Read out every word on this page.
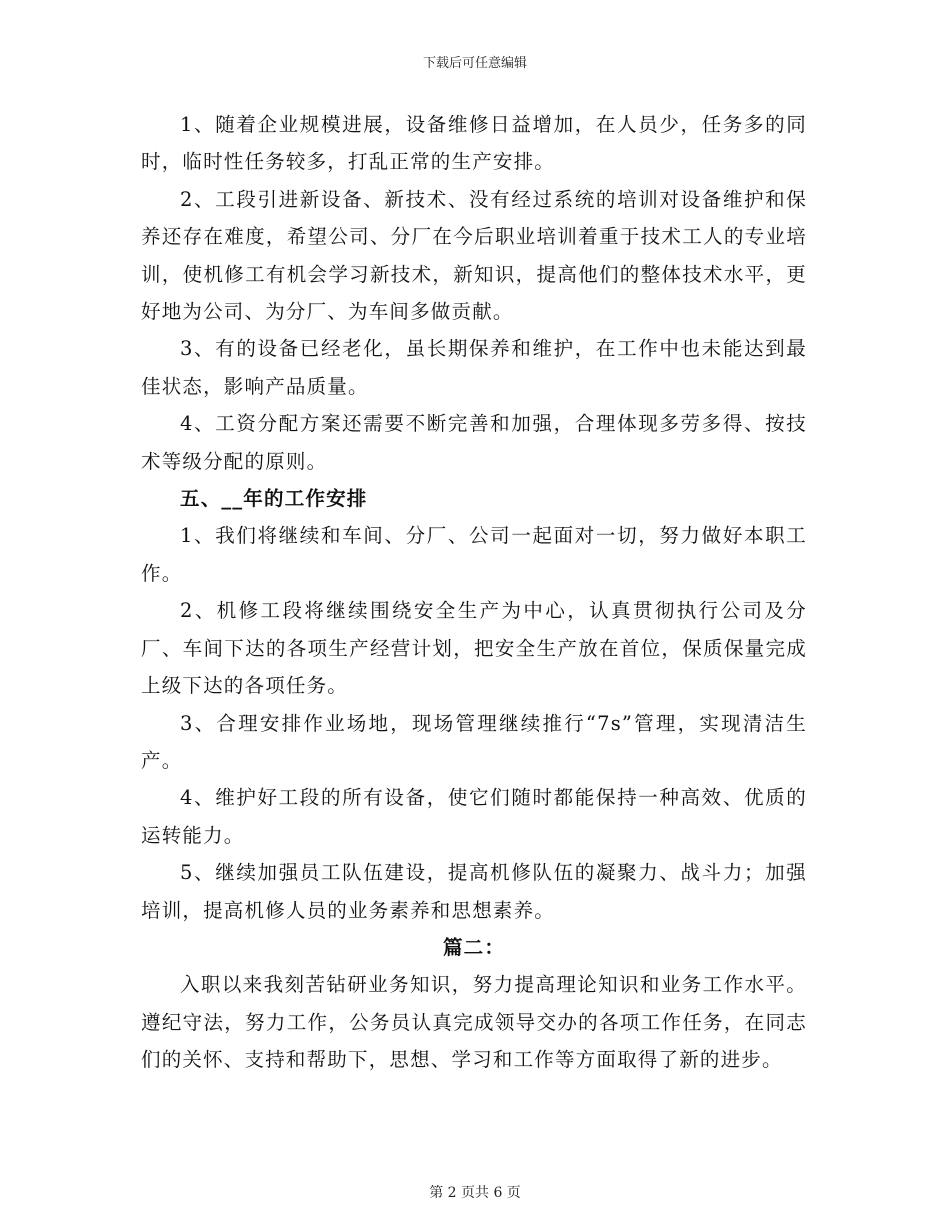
下载后可任意编辑

1、随着企业规模进展，设备维修日益增加，在人员少，任务多的同时，临时性任务较多，打乱正常的生产安排。

2、工段引进新设备、新技术、没有经过系统的培训对设备维护和保养还存在难度，希望公司、分厂在今后职业培训着重于技术工人的专业培训，使机修工有机会学习新技术，新知识，提高他们的整体技术水平，更好地为公司、为分厂、为车间多做贡献。

3、有的设备已经老化，虽长期保养和维护，在工作中也未能达到最佳状态，影响产品质量。

4、工资分配方案还需要不断完善和加强，合理体现多劳多得、按技术等级分配的原则。

五、__年的工作安排

1、我们将继续和车间、分厂、公司一起面对一切，努力做好本职工作。

2、机修工段将继续围绕安全生产为中心，认真贯彻执行公司及分厂、车间下达的各项生产经营计划，把安全生产放在首位，保质保量完成上级下达的各项任务。

3、合理安排作业场地，现场管理继续推行“7s”管理，实现清洁生产。

4、维护好工段的所有设备，使它们随时都能保持一种高效、优质的运转能力。

5、继续加强员工队伍建设，提高机修队伍的凝聚力、战斗力；加强培训，提高机修人员的业务素养和思想素养。

篇二：

入职以来我刻苦钻研业务知识，努力提高理论知识和业务工作水平。遵纪守法，努力工作，公务员认真完成领导交办的各项工作任务，在同志们的关怀、支持和帮助下，思想、学习和工作等方面取得了新的进步。

第 2 页共 6 页
